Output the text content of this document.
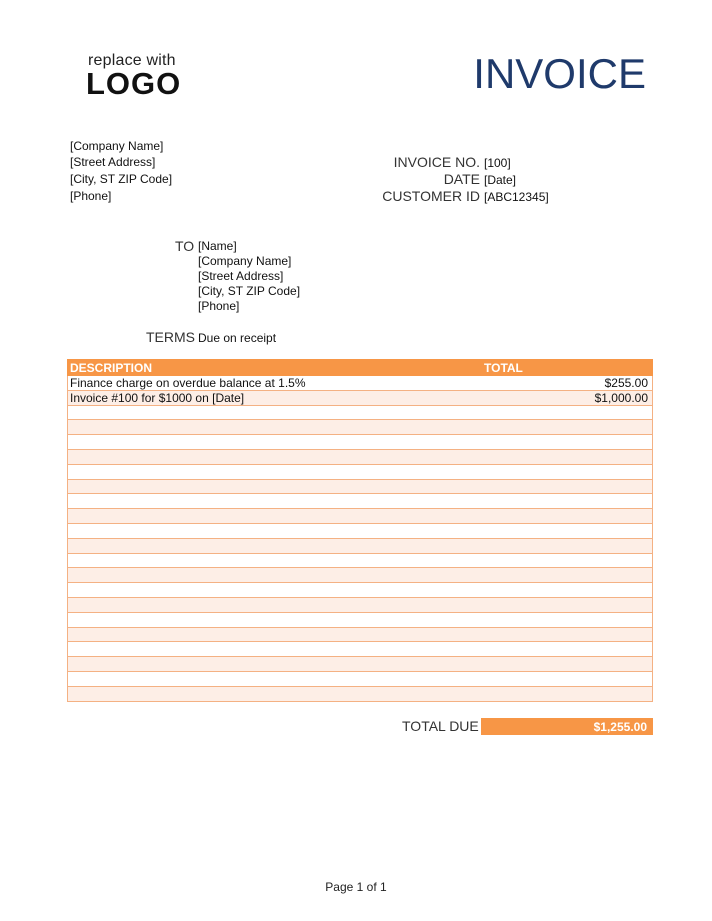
replace with
LOGO	INVOICE
[Company Name]
[Street Address]
[City, ST ZIP Code]
[Phone]
INVOICE NO. [100]
DATE [Date]
CUSTOMER ID [ABC12345]
TO [Name]
[Company Name]
[Street Address]
[City, ST ZIP Code]
[Phone]
TERMS Due on receipt
DESCRIPTION	TOTAL
Finance charge on overdue balance at 1.5%	$255.00
Invoice #100 for $1000 on [Date]	$1,000.00
TOTAL DUE	$1,255.00
Page 1 of 1
